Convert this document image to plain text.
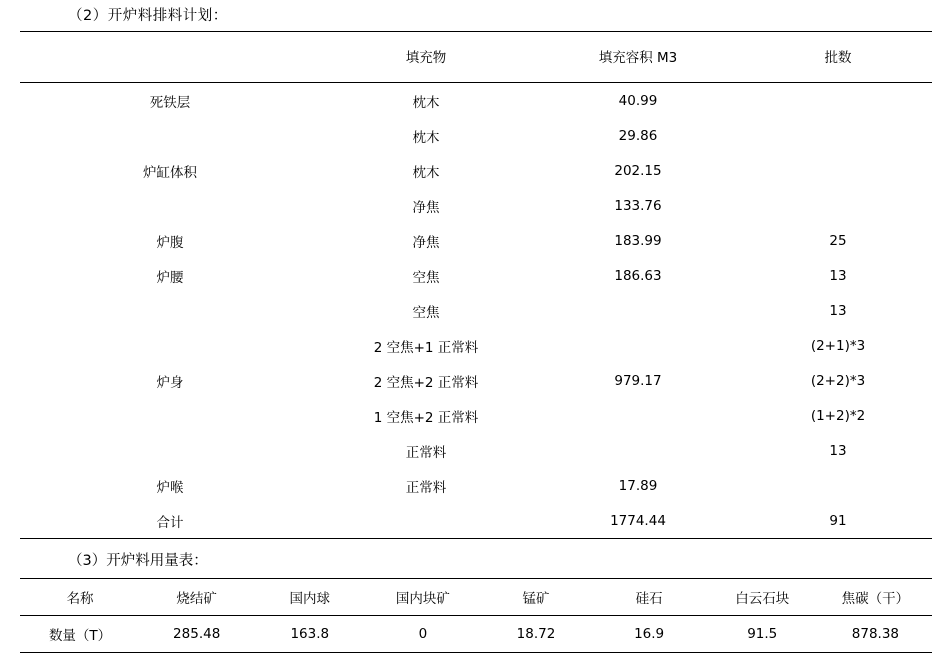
（2）开炉料排料计划：
	填充物	填充容积 M3	批数
死铁层	枕木	40.99	
	枕木	29.86	
炉缸体积	枕木	202.15	
	净焦	133.76	
炉腹	净焦	183.99	25
炉腰	空焦	186.63	13
	空焦		13
	2 空焦+1 正常料		(2+1)*3
炉身	2 空焦+2 正常料	979.17	(2+2)*3
	1 空焦+2 正常料		(1+2)*2
	正常料		13
炉喉	正常料	17.89	
合计		1774.44	91
（3）开炉料用量表：
名称	烧结矿	国内球	国内块矿	锰矿	硅石	白云石块	焦碳（干）
数量（T）	285.48	163.8	0	18.72	16.9	91.5	878.38
